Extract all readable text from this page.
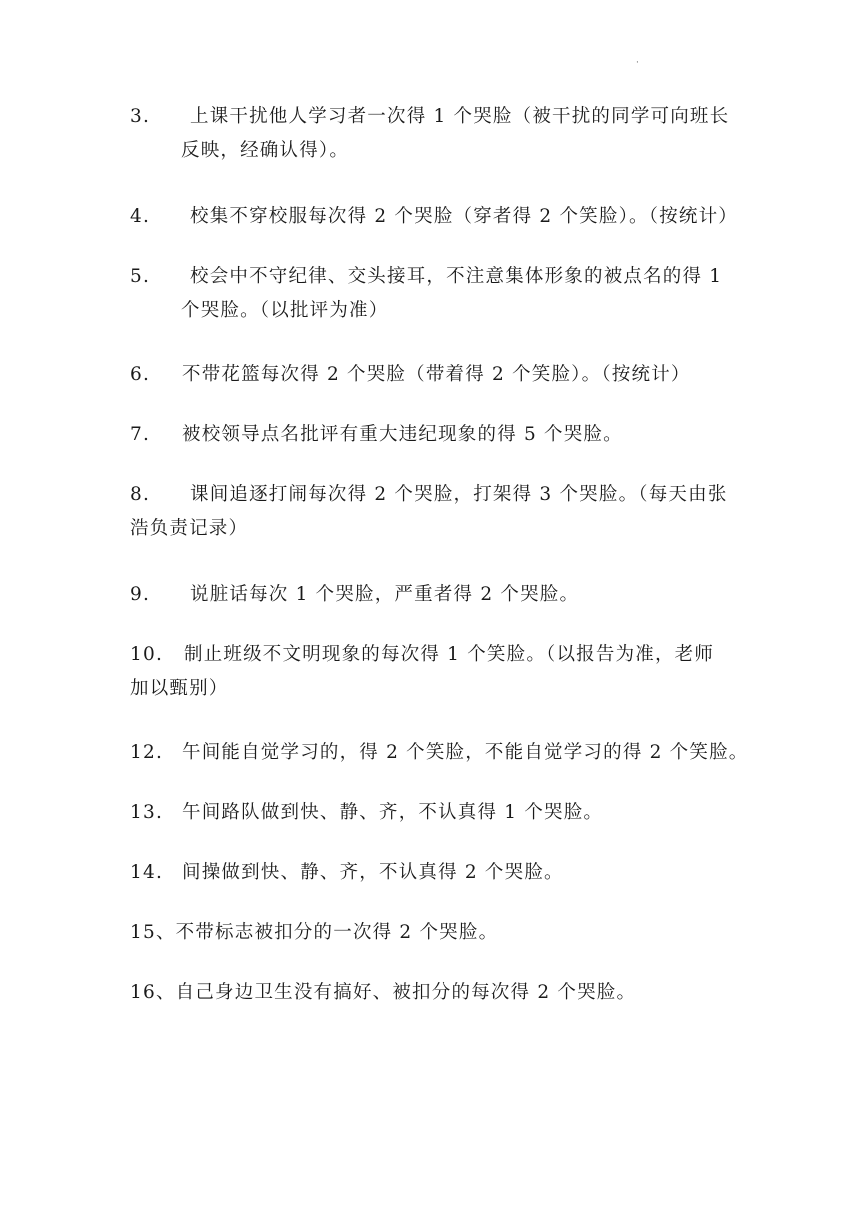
·
3. 上课干扰他人学习者一次得 1 个哭脸（被干扰的同学可向班长
反映，经确认得）。
4. 校集不穿校服每次得 2 个哭脸（穿者得 2 个笑脸）。（按统计）
5. 校会中不守纪律、交头接耳，不注意集体形象的被点名的得 1
个哭脸。（以批评为准）
6. 不带花篮每次得 2 个哭脸（带着得 2 个笑脸）。（按统计）
7. 被校领导点名批评有重大违纪现象的得 5 个哭脸。
8. 课间追逐打闹每次得 2 个哭脸，打架得 3 个哭脸。（每天由张
浩负责记录）
9. 说脏话每次 1 个哭脸，严重者得 2 个哭脸。
10. 制止班级不文明现象的每次得 1 个笑脸。（以报告为准，老师
加以甄别）
12. 午间能自觉学习的，得 2 个笑脸，不能自觉学习的得 2 个笑脸。
13. 午间路队做到快、静、齐，不认真得 1 个哭脸。
14. 间操做到快、静、齐，不认真得 2 个哭脸。
15、不带标志被扣分的一次得 2 个哭脸。
16、自己身边卫生没有搞好、被扣分的每次得 2 个哭脸。
